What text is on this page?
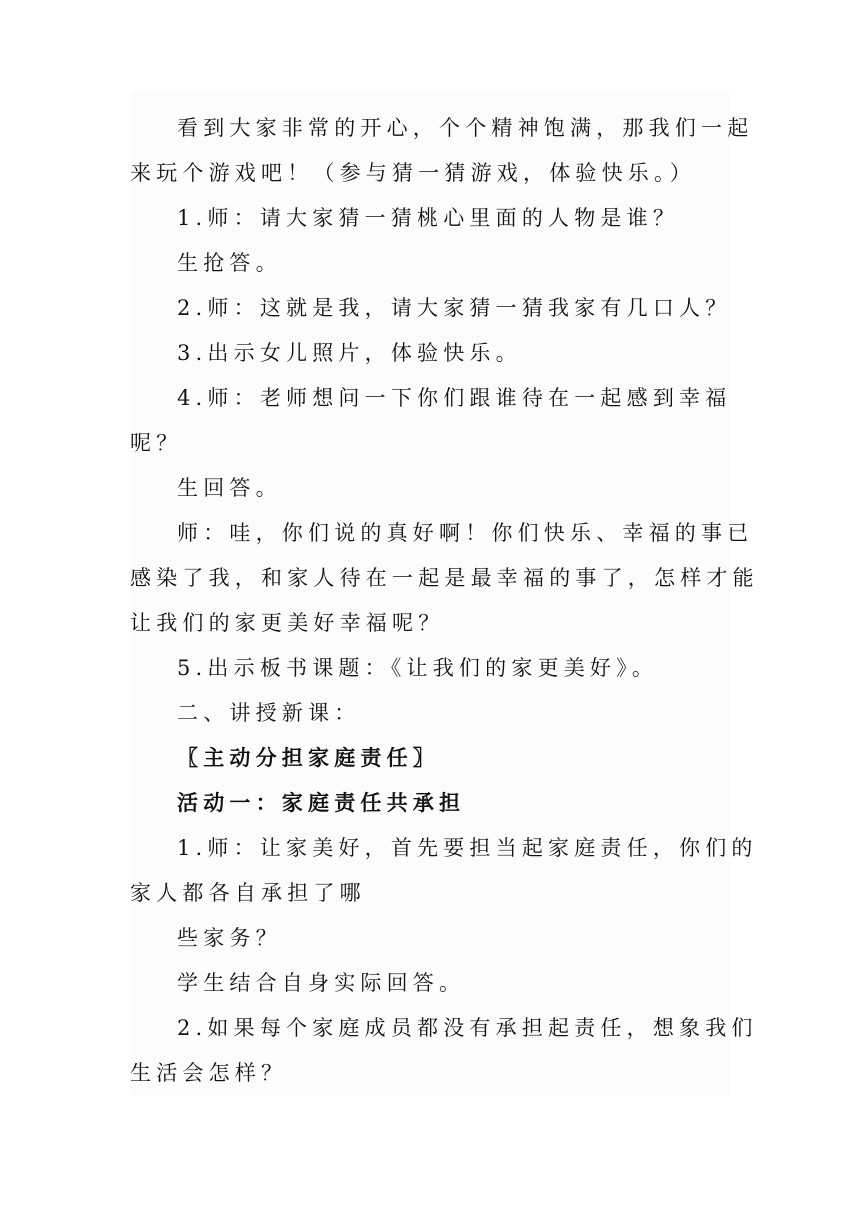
看到大家非常的开心，个个精神饱满，那我们一起
来玩个游戏吧！（参与猜一猜游戏，体验快乐。）
1.师：请大家猜一猜桃心里面的人物是谁？
生抢答。
2.师：这就是我，请大家猜一猜我家有几口人？
3.出示女儿照片，体验快乐。
4.师：老师想问一下你们跟谁待在一起感到幸福
呢？
生回答。
师：哇，你们说的真好啊！你们快乐、幸福的事已
感染了我，和家人待在一起是最幸福的事了，怎样才能
让我们的家更美好幸福呢？
5.出示板书课题：《让我们的家更美好》。
二、讲授新课：
〖主动分担家庭责任〗
活动一：家庭责任共承担
1.师：让家美好，首先要担当起家庭责任，你们的
家人都各自承担了哪
些家务？
学生结合自身实际回答。
2.如果每个家庭成员都没有承担起责任，想象我们
生活会怎样？
